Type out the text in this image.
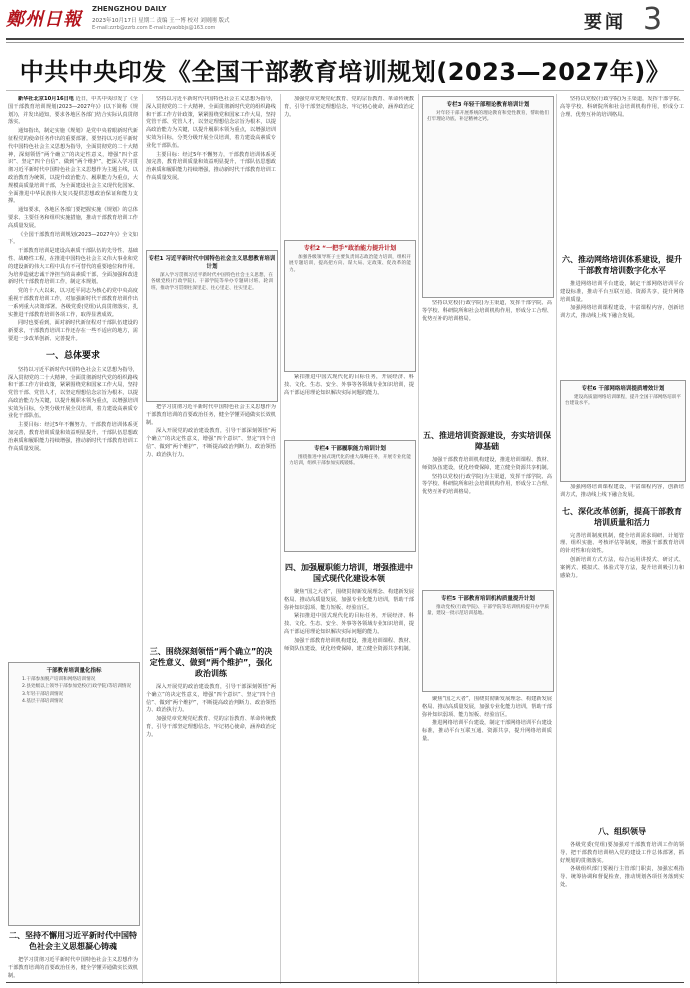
鄭州日報 ZHENGZHOU DAILY
2023年10月17日 星期二 责编 王一博 校对 刘则刚 版式
E-mail:zzrb@zzrb.com E-mail:zyaobbjs@163.com	要闻 3
中共中央印发《全国干部教育培训规划(2023—2027年)》

新华社北京10月16日电 近日，中共中央印发了《全国干部教育培训规划(2023—2027年)》(以下简称《规划》)，并发出通知，要求各地区各部门结合实际认真贯彻落实。

通知指出，制定实施《规划》是党中央着眼新时代新征程党的使命任务作出的重要部署。要坚持以习近平新时代中国特色社会主义思想为指导，全面贯彻党的二十大精神，深刻领悟“两个确立”的决定性意义，增强“四个意识”、坚定“四个自信”、做到“两个维护”，把深入学习贯彻习近平新时代中国特色社会主义思想作为主题主线，以政治教育为统领，以提升政治能力、履职能力为重点，大规模高质量培训干部，为全面建设社会主义现代化国家、全面推进中华民族伟大复兴提供思想政治保证和能力支撑。

通知要求，各地区各部门要把握实施《规划》的总体要求、主要任务和组织实施措施，推动干部教育培训工作高质量发展。

《全国干部教育培训规划(2023—2027年)》全文如下。

干部教育培训是建设高素质干部队伍的先导性、基础性、战略性工程，在推进中国特色社会主义伟大事业和党的建设新的伟大工程中具有不可替代的重要地位和作用。为培养造就忠诚干净担当的高素质干部，全面加强和改进新时代干部教育培训工作，制定本规划。

党的十八大以来，以习近平同志为核心的党中央高度重视干部教育培训工作，对加强新时代干部教育培训作出一系列重大决策部署。各级党委(党组)认真贯彻落实，扎实推进干部教育培训各项工作，取得显著成效。

同时也要看到，面对新时代新征程对干部队伍建设的新要求，干部教育培训工作还存在一些不适应的地方，需要进一步改革创新、完善提升。

一、总体要求

坚持以习近平新时代中国特色社会主义思想为指导，深入贯彻党的二十大精神，全面贯彻新时代党的组织路线和干部工作方针政策，紧紧围绕党和国家工作大局，坚持党管干部、党管人才，以坚定理想信念宗旨为根本，以提高政治能力为关键，以提升履职本领为重点，以增强培训实效为目标，分类分级开展全员培训，着力建设高素质专业化干部队伍。

主要目标：经过5年不懈努力，干部教育培训体系更加完善，教育培训质量和效益明显提升，干部队伍思想政治素质和履职能力持续增强，推动新时代干部教育培训工作高质量发展。

干部教育培训量化指标

1.干部参加脱产培训和网络培训情况

2.县处级以上领导干部参加党校(行政学院)等培训情况

3.年轻干部培训情况

4.基层干部培训情况

二、坚持不懈用习近平新时代中国特色社会主义思想凝心铸魂

把学习贯彻习近平新时代中国特色社会主义思想作为干部教育培训的首要政治任务，健全学懂弄通做实长效机制。

坚持以习近平新时代中国特色社会主义思想为指导，深入贯彻党的二十大精神，全面贯彻新时代党的组织路线和干部工作方针政策，紧紧围绕党和国家工作大局，坚持党管干部、党管人才，以坚定理想信念宗旨为根本，以提高政治能力为关键，以提升履职本领为重点，以增强培训实效为目标，分类分级开展全员培训，着力建设高素质专业化干部队伍。

主要目标：经过5年不懈努力，干部教育培训体系更加完善，教育培训质量和效益明显提升，干部队伍思想政治素质和履职能力持续增强，推动新时代干部教育培训工作高质量发展。

专栏1 习近平新时代中国特色社会主义思想教育培训计划

深入学习贯彻习近平新时代中国特色社会主义思想，在各级党校(行政学院)、干部学院等举办专题研讨班、轮训班，推动学习贯彻往深里走、往心里走、往实里走。

把学习贯彻习近平新时代中国特色社会主义思想作为干部教育培训的首要政治任务，健全学懂弄通做实长效机制。

深入开展党的政治建设教育，引导干部深刻领悟“两个确立”的决定性意义，增强“四个意识”、坚定“四个自信”、做到“两个维护”，不断提高政治判断力、政治领悟力、政治执行力。

三、围绕深刻领悟“两个确立”的决定性意义、做到“两个维护”，强化政治训练

深入开展党的政治建设教育，引导干部深刻领悟“两个确立”的决定性意义，增强“四个意识”、坚定“四个自信”、做到“两个维护”，不断提高政治判断力、政治领悟力、政治执行力。

加强党章党规党纪教育、党的宗旨教育、革命传统教育，引导干部坚定理想信念，牢记初心使命，涵养政治定力。

加强党章党规党纪教育、党的宗旨教育、革命传统教育，引导干部坚定理想信念，牢记初心使命，涵养政治定力。

专栏2 “一把手”政治能力提升计划

加强各级领导班子主要负责同志政治能力培训，组织开展专题培训，提高把方向、谋大局、定政策、促改革的能力。

紧扣推进中国式现代化的目标任务，开展经济、科技、文化、生态、安全、外事等各领域专业知识培训，提高干部运用理论知识解决实际问题的能力。

专栏4 干部履职能力培训计划

围绕推进中国式现代化的重大战略任务，开展专业化能力培训，组织干部参加实践锻炼。

四、加强履职能力培训，增强推进中国式现代化建设本领

聚焦“国之大者”，围绕贯彻新发展理念、构建新发展格局、推动高质量发展，加强专业化能力培训，帮助干部弥补知识弱项、能力短板、经验盲区。

紧扣推进中国式现代化的目标任务，开展经济、科技、文化、生态、安全、外事等各领域专业知识培训，提高干部运用理论知识解决实际问题的能力。

加强干部教育培训机构建设，推进培训课程、教材、师资队伍建设，优化经费保障，建立健全资源共享机制。

专栏3 年轻干部理论教育培训计划

对年轻干部开展系统的理论教育和党性教育，帮助他们打牢理论功底、补足精神之钙。

坚持以党校(行政学院)为主渠道，发挥干部学院、高等学校、科研院所和社会培训机构作用，形成分工合理、优势互补的培训格局。

五、推进培训资源建设，夯实培训保障基础

加强干部教育培训机构建设，推进培训课程、教材、师资队伍建设，优化经费保障，建立健全资源共享机制。

坚持以党校(行政学院)为主渠道，发挥干部学院、高等学校、科研院所和社会培训机构作用，形成分工合理、优势互补的培训格局。

专栏5 干部教育培训机构质量提升计划

推动党校(行政学院)、干部学院等培训机构提升办学质量，建设一批示范培训基地。

聚焦“国之大者”，围绕贯彻新发展理念、构建新发展格局、推动高质量发展，加强专业化能力培训，帮助干部弥补知识弱项、能力短板、经验盲区。

推进网络培训平台建设，制定干部网络培训平台建设标准，推动平台互联互通、资源共享，提升网络培训质量。

坚持以党校(行政学院)为主渠道，发挥干部学院、高等学校、科研院所和社会培训机构作用，形成分工合理、优势互补的培训格局。

六、推动网络培训体系建设，提升干部教育培训数字化水平

推进网络培训平台建设，制定干部网络培训平台建设标准，推动平台互联互通、资源共享，提升网络培训质量。

加强网络培训课程建设，丰富课程内容，创新培训方式，推动线上线下融合发展。

专栏6 干部网络培训提质增效计划

建设高质量网络培训课程，提升全国干部网络培训平台建设水平。

加强网络培训课程建设，丰富课程内容，创新培训方式，推动线上线下融合发展。

七、深化改革创新，提高干部教育培训质量和活力

完善培训制度机制，健全培训需求调研、计划管理、组织实施、考核评估等制度，增强干部教育培训的针对性和有效性。

创新培训方式方法，综合运用讲授式、研讨式、案例式、模拟式、体验式等方法，提升培训吸引力和感染力。

八、组织领导

各级党委(党组)要加强对干部教育培训工作的领导，把干部教育培训纳入党的建设工作总体部署，抓好规划的贯彻落实。

各级组织部门要履行主管部门职责，加强宏观指导、统筹协调和督促检查，推动规划各项任务落到实处。
